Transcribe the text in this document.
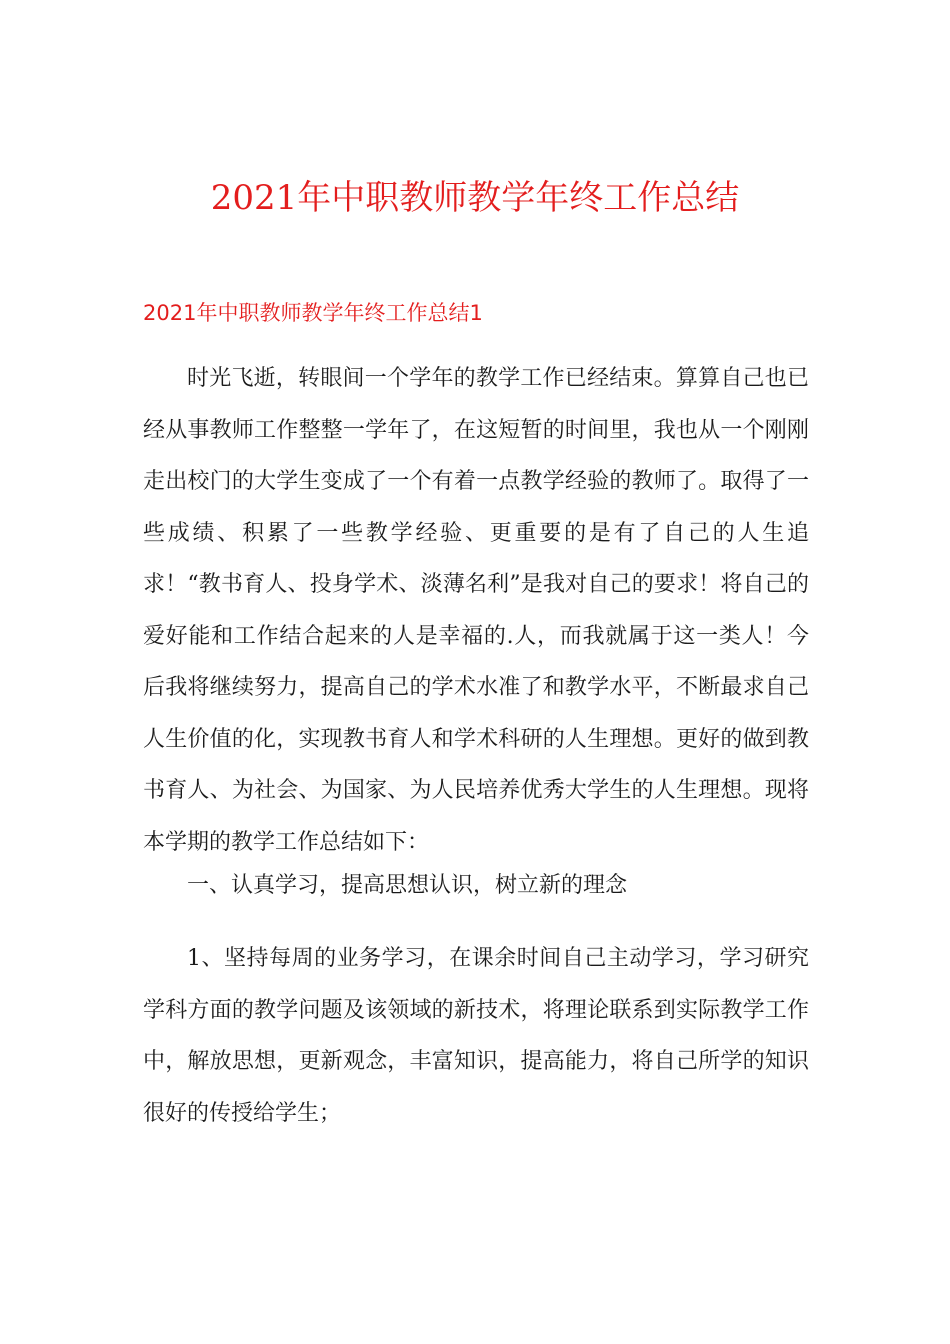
2021年中职教师教学年终工作总结
2021年中职教师教学年终工作总结1

时光飞逝，转眼间一个学年的教学工作已经结束。算算自己也已经从事教师工作整整一学年了，在这短暂的时间里，我也从一个刚刚走出校门的大学生变成了一个有着一点教学经验的教师了。取得了一些成绩、积累了一些教学经验、更重要的是有了自己的人生追求！“教书育人、投身学术、淡薄名利”是我对自己的要求！将自己的爱好能和工作结合起来的人是幸福的.人，而我就属于这一类人！今后我将继续努力，提高自己的学术水准了和教学水平，不断最求自己人生价值的化，实现教书育人和学术科研的人生理想。更好的做到教书育人、为社会、为国家、为人民培养优秀大学生的人生理想。现将本学期的教学工作总结如下：

一、认真学习，提高思想认识，树立新的理念

1、坚持每周的业务学习，在课余时间自己主动学习，学习研究学科方面的教学问题及该领域的新技术，将理论联系到实际教学工作中，解放思想，更新观念，丰富知识，提高能力，将自己所学的知识很好的传授给学生；
